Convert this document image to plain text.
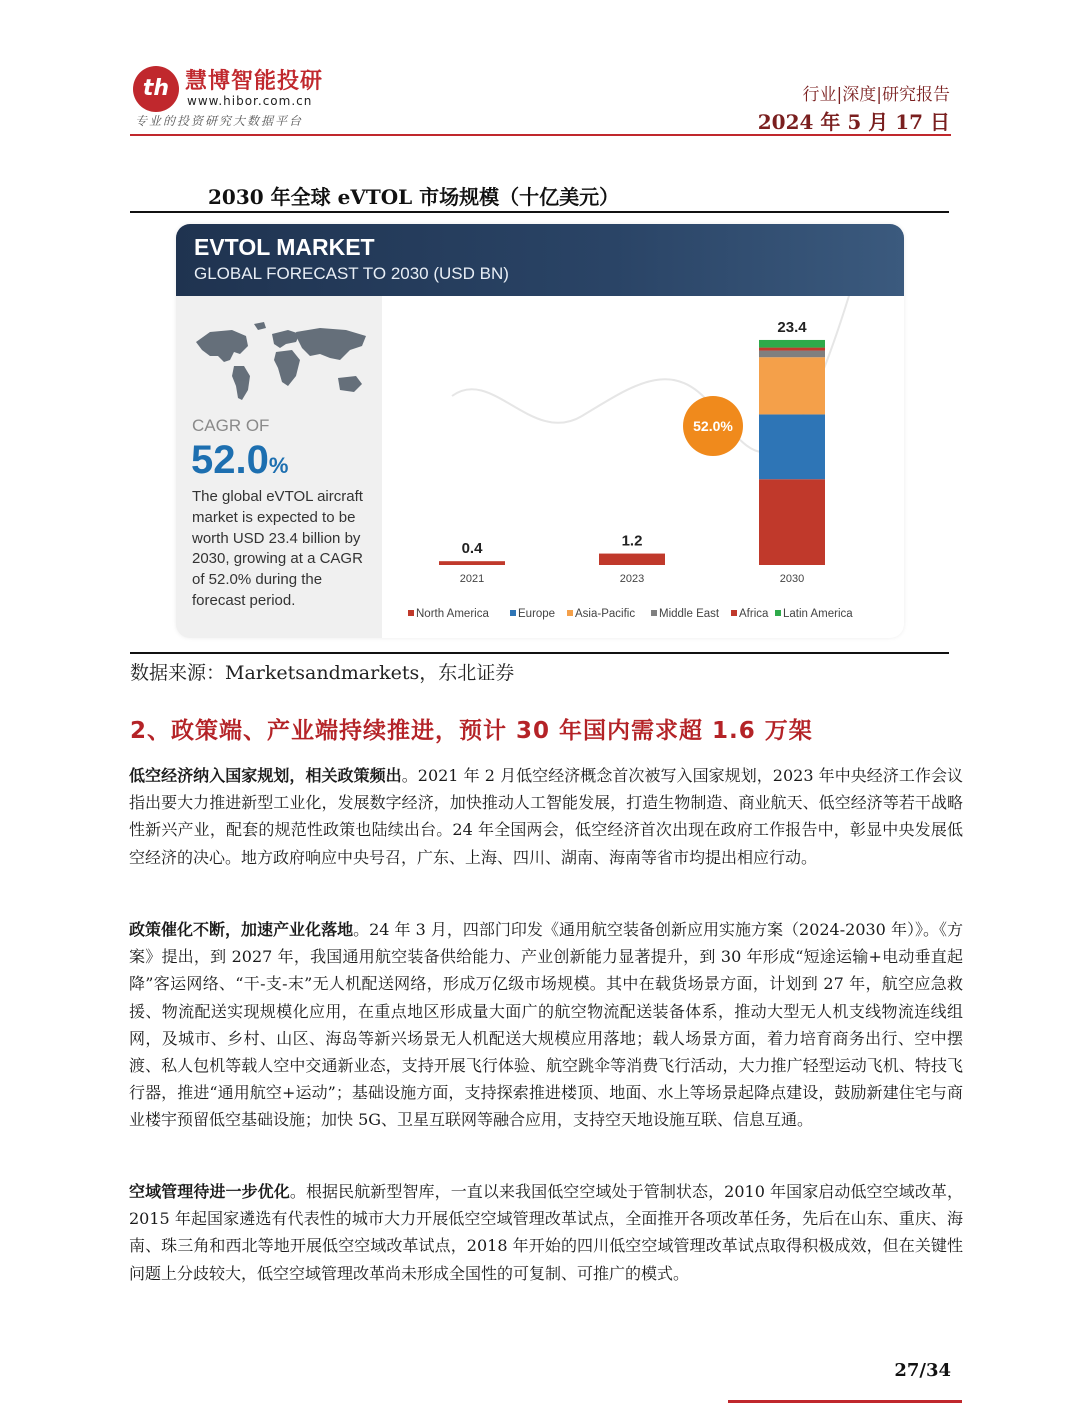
th 慧博智能投研
www.hibor.com.cn
专业的投资研究大数据平台
行业|深度|研究报告
2024 年 5 月 17 日
2030 年全球 eVTOL 市场规模（十亿美元）
EVTOL MARKET
GLOBAL FORECAST TO 2030 (USD BN)
CAGR OF
52.0%
The global eVTOL aircraft market is expected to be worth USD 23.4 billion by 2030, growing at a CAGR of 52.0% during the forecast period.
0.4
2021
1.2
2023
23.4
2030
52.0%
North America	Europe Asia-Pacific Middle East Africa Latin America
数据来源：Marketsandmarkets，东北证券
2、政策端、产业端持续推进，预计 30 年国内需求超 1.6 万架
低空经济纳入国家规划，相关政策频出。2021 年 2 月低空经济概念首次被写入国家规划，2023 年中央经济工作会议指出要大力推进新型工业化，发展数字经济，加快推动人工智能发展，打造生物制造、商业航天、低空经济等若干战略性新兴产业，配套的规范性政策也陆续出台。24 年全国两会，低空经济首次出现在政府工作报告中，彰显中央发展低空经济的决心。地方政府响应中央号召，广东、上海、四川、湖南、海南等省市均提出相应行动。
政策催化不断，加速产业化落地。24 年 3 月，四部门印发《通用航空装备创新应用实施方案（2024-2030 年）》。《方案》提出，到 2027 年，我国通用航空装备供给能力、产业创新能力显著提升，到 30 年形成“短途运输+电动垂直起降”客运网络、“干-支-末”无人机配送网络，形成万亿级市场规模。其中在载货场景方面，计划到 27 年，航空应急救援、物流配送实现规模化应用，在重点地区形成量大面广的航空物流配送装备体系，推动大型无人机支线物流连线组网，及城市、乡村、山区、海岛等新兴场景无人机配送大规模应用落地；载人场景方面，着力培育商务出行、空中摆渡、私人包机等载人空中交通新业态，支持开展飞行体验、航空跳伞等消费飞行活动，大力推广轻型运动飞机、特技飞行器，推进“通用航空+运动”；基础设施方面，支持探索推进楼顶、地面、水上等场景起降点建设，鼓励新建住宅与商业楼宇预留低空基础设施；加快 5G、卫星互联网等融合应用，支持空天地设施互联、信息互通。
空域管理待进一步优化。根据民航新型智库，一直以来我国低空空域处于管制状态，2010 年国家启动低空空域改革，2015 年起国家遴选有代表性的城市大力开展低空空域管理改革试点，全面推开各项改革任务，先后在山东、重庆、海南、珠三角和西北等地开展低空空域改革试点，2018 年开始的四川低空空域管理改革试点取得积极成效，但在关键性问题上分歧较大，低空空域管理改革尚未形成全国性的可复制、可推广的模式。
27/34
